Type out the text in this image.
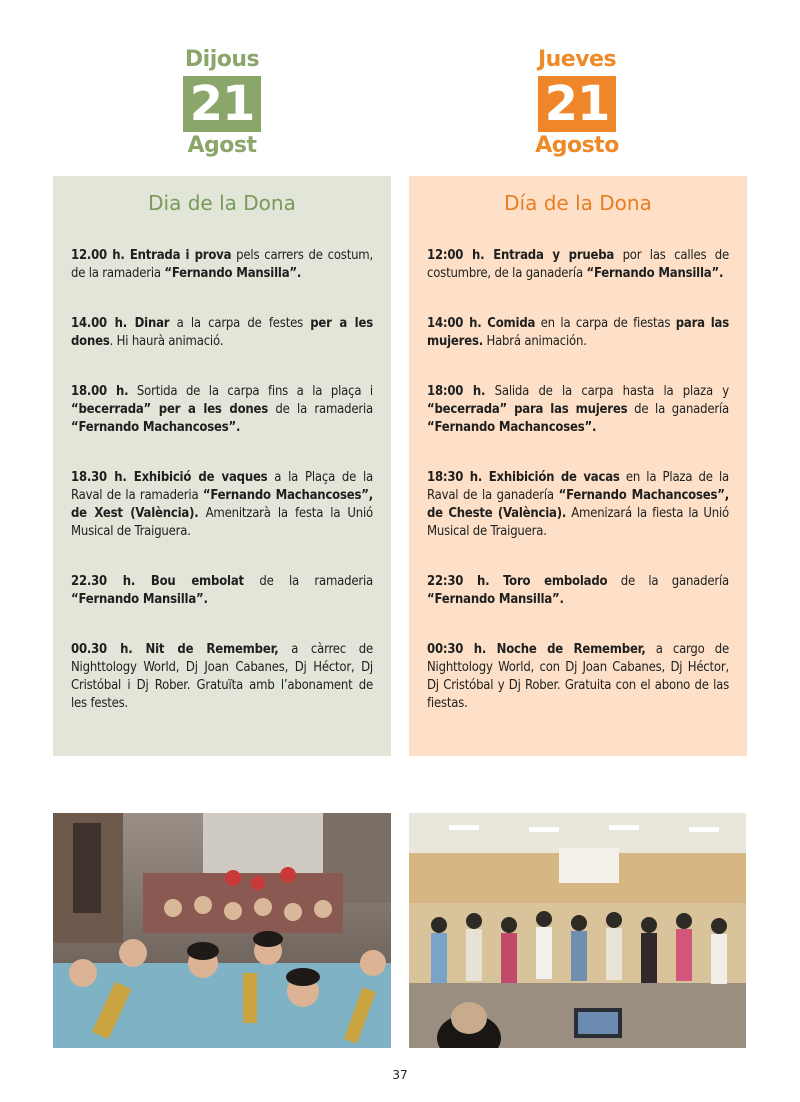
Dijous
21
Agost
Jueves
21
Agosto
Dia de la Dona

12.00 h. Entrada i prova pels carrers de costum, de la ramaderia “Fernando Mansilla”.

14.00 h. Dinar a la carpa de festes per a les dones. Hi haurà animació.

18.00 h. Sortida de la carpa fins a la plaça i “becerrada” per a les dones de la ramaderia “Fernando Machancoses”.

18.30 h. Exhibició de vaques a la Plaça de la Raval de la ramaderia “Fernando Machancoses”, de Xest (València). Amenitzarà la festa la Unió Musical de Traiguera.

22.30 h. Bou embolat de la ramaderia “Fernando Mansilla”.

00.30 h. Nit de Remember, a càrrec de Nighttology World, Dj Joan Cabanes, Dj Héctor, Dj Cristóbal i Dj Rober. Gratuïta amb l’abonament de les festes.

Día de la Dona

12:00 h. Entrada y prueba por las calles de costumbre, de la ganadería “Fernando Mansilla”.

14:00 h. Comida en la carpa de fiestas para las mujeres. Habrá animación.

18:00 h. Salida de la carpa hasta la plaza y “becerrada” para las mujeres de la ganadería “Fernando Machancoses”.

18:30 h. Exhibición de vacas en la Plaza de la Raval de la ganadería “Fernando Machancoses”, de Cheste (València). Amenizará la fiesta la Unió Musical de Traiguera.

22:30 h. Toro embolado de la ganadería “Fernando Mansilla”.

00:30 h. Noche de Remember, a cargo de Nighttology World, con Dj Joan Cabanes, Dj Héctor, Dj Cristóbal y Dj Rober. Gratuita con el abono de las fiestas.

37
